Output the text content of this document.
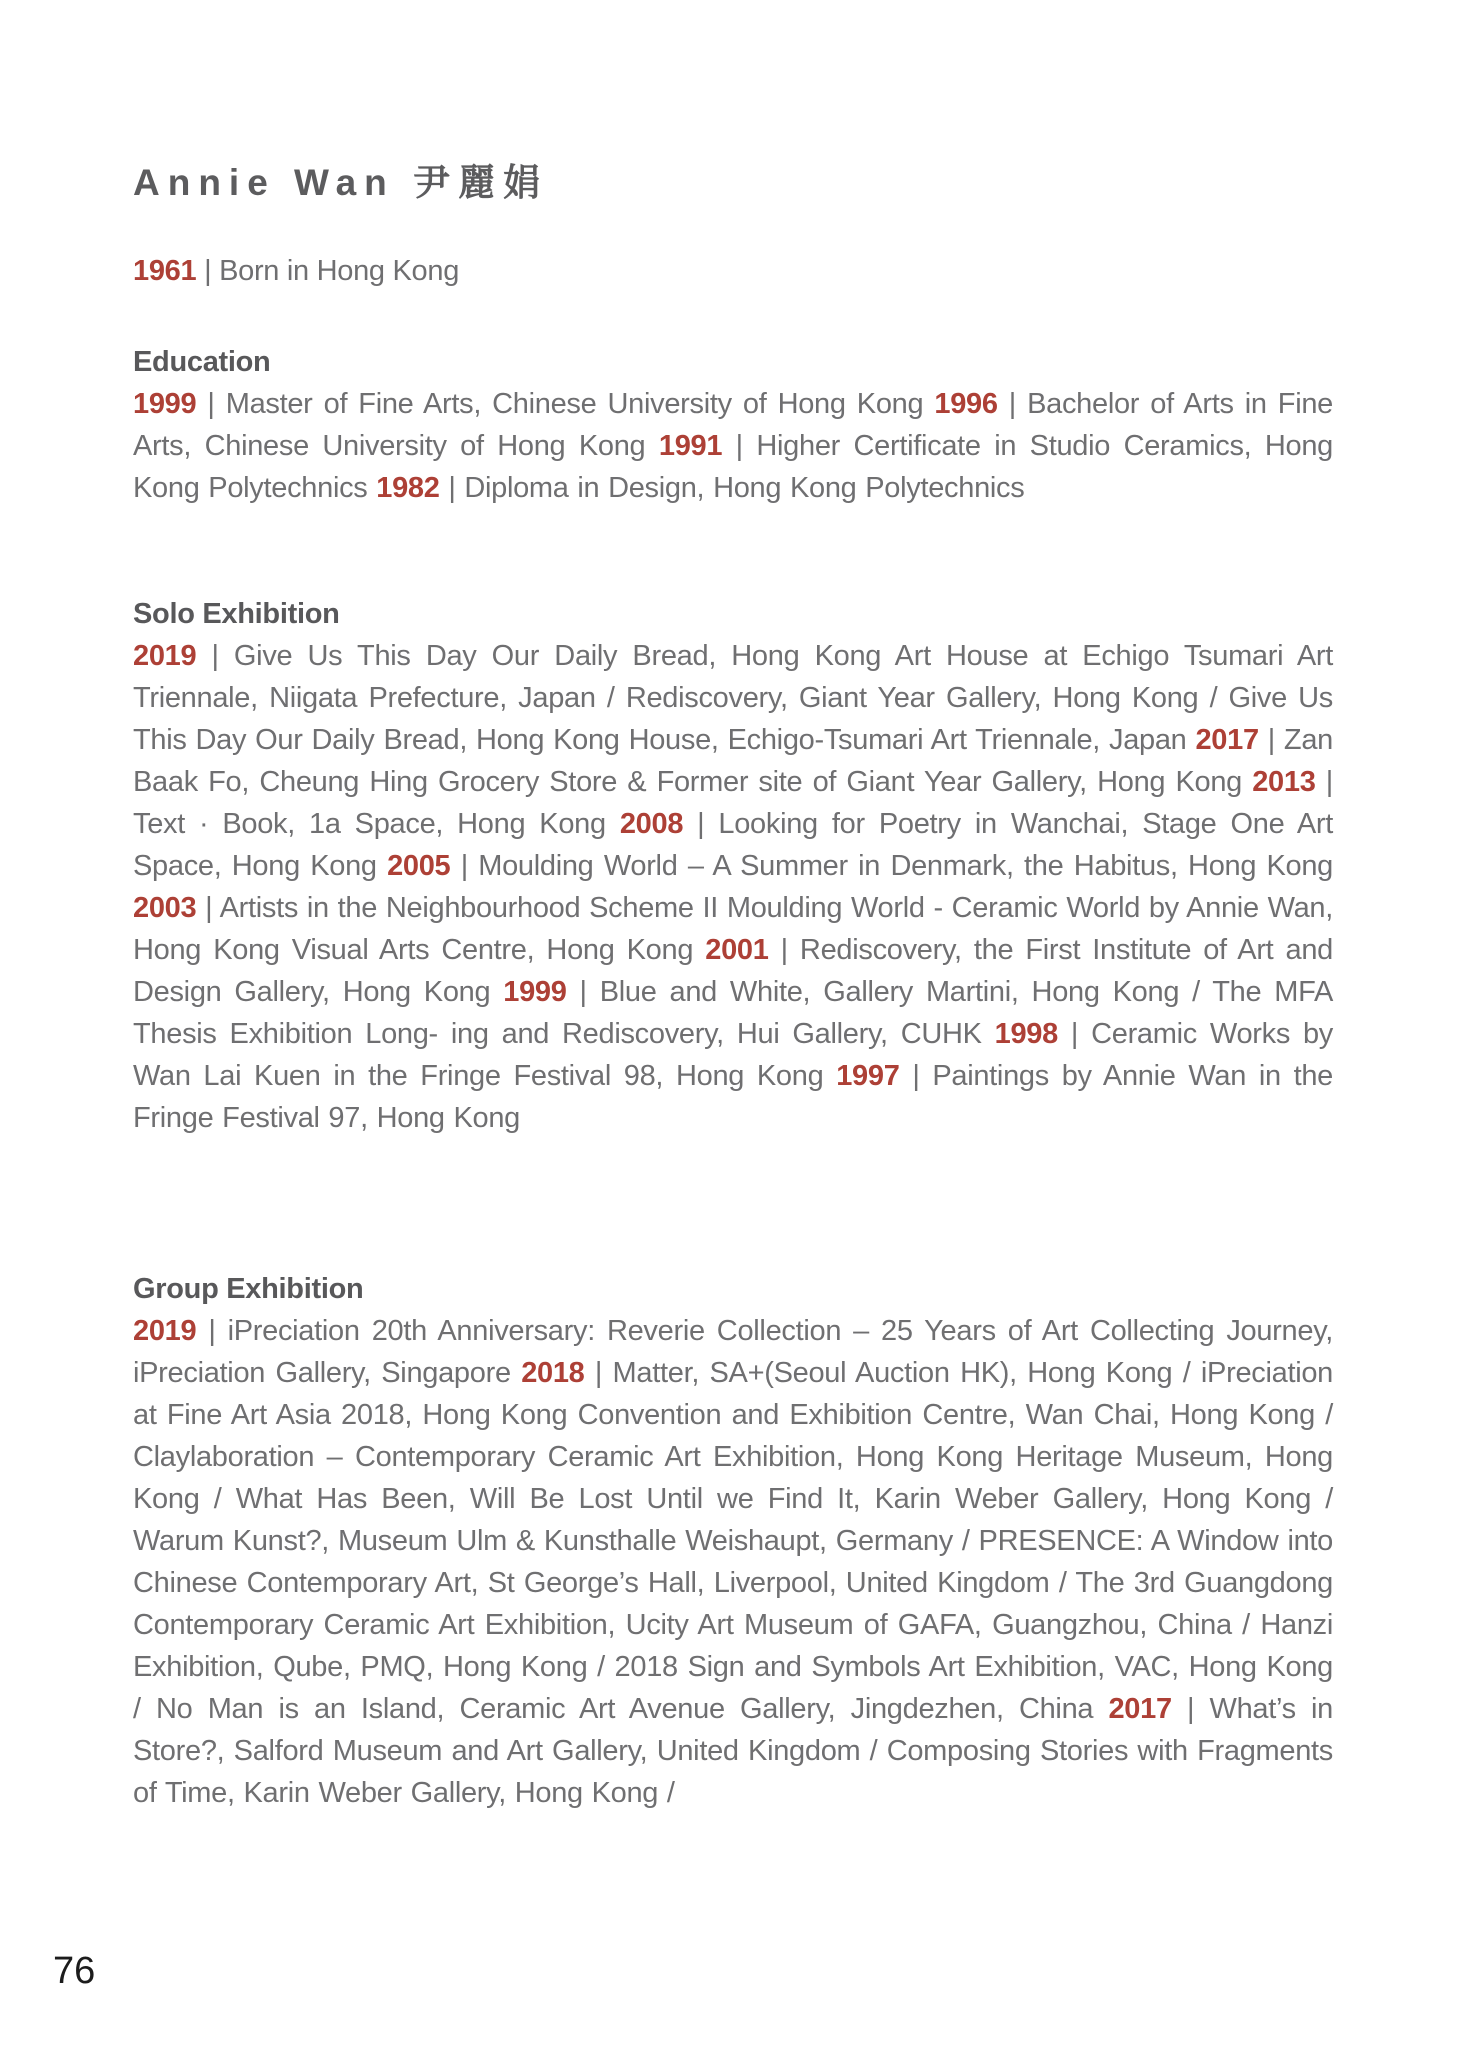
Annie Wan 尹麗娟
1961 | Born in Hong Kong
Education

1999 | Master of Fine Arts, Chinese University of Hong Kong 1996 | Bachelor of Arts in Fine Arts, Chinese University of Hong Kong 1991 | Higher Certificate in Studio Ceramics, Hong Kong Polytechnics 1982 | Diploma in Design, Hong Kong Polytechnics

Solo Exhibition

2019 | Give Us This Day Our Daily Bread, Hong Kong Art House at Echigo Tsumari Art Triennale, Niigata Prefecture, Japan / Rediscovery, Giant Year Gallery, Hong Kong / Give Us This Day Our Daily Bread, Hong Kong House, Echigo-Tsumari Art Triennale, Japan 2017 | Zan Baak Fo, Cheung Hing Grocery Store & Former site of Giant Year Gallery, Hong Kong 2013 | Text · Book, 1a Space, Hong Kong 2008 | Looking for Poetry in Wanchai, Stage One Art Space, Hong Kong 2005 | Moulding World – A Summer in Denmark, the Habitus, Hong Kong 2003 | Artists in the Neighbourhood Scheme II Moulding World - Ceramic World by Annie Wan, Hong Kong Visual Arts Centre, Hong Kong 2001 | Rediscovery, the First Institute of Art and Design Gallery, Hong Kong 1999 | Blue and White, Gallery Martini, Hong Kong / The MFA Thesis Exhibition Long- ing and Rediscovery, Hui Gallery, CUHK 1998 | Ceramic Works by Wan Lai Kuen in the Fringe Festival 98, Hong Kong 1997 | Paintings by Annie Wan in the Fringe Festival 97, Hong Kong

Group Exhibition

2019 | iPreciation 20th Anniversary: Reverie Collection – 25 Years of Art Collecting Journey, iPreciation Gallery, Singapore 2018 | Matter, SA+(Seoul Auction HK), Hong Kong / iPreciation at Fine Art Asia 2018, Hong Kong Convention and Exhibition Centre, Wan Chai, Hong Kong / Claylaboration – Contemporary Ceramic Art Exhibition, Hong Kong Heritage Museum, Hong Kong / What Has Been, Will Be Lost Until we Find It, Karin Weber Gallery, Hong Kong / Warum Kunst?, Museum Ulm & Kunsthalle Weishaupt, Germany / PRESENCE: A Window into Chinese Contemporary Art, St George’s Hall, Liverpool, United Kingdom / The 3rd Guangdong Contemporary Ceramic Art Exhibition, Ucity Art Museum of GAFA, Guangzhou, China / Hanzi Exhibition, Qube, PMQ, Hong Kong / 2018 Sign and Symbols Art Exhibition, VAC, Hong Kong / No Man is an Island, Ceramic Art Avenue Gallery, Jingdezhen, China 2017 | What’s in Store?, Salford Museum and Art Gallery, United Kingdom / Composing Stories with Fragments of Time, Karin Weber Gallery, Hong Kong /

76
